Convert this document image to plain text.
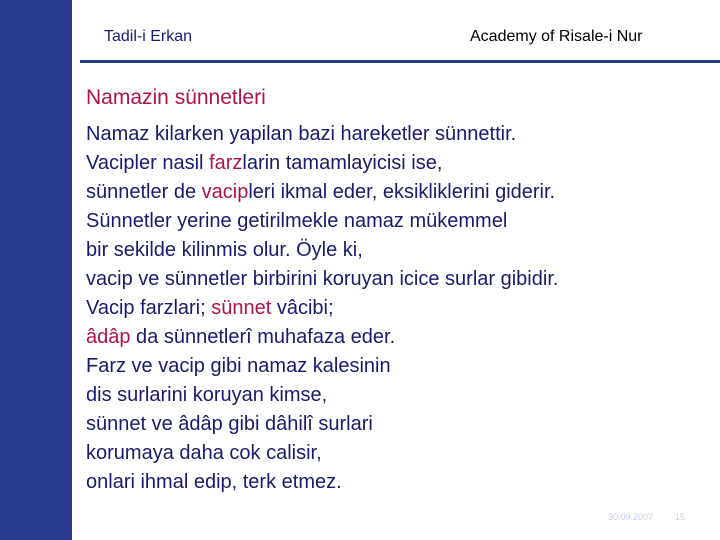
Tadil-i Erkan	Academy of Risale-i Nur
Namazin sünnetleri
Namaz kilarken yapilan bazi hareketler sünnettir.
Vacipler nasil farzlarin tamamlayicisi ise,
sünnetler de vacipleri ikmal eder, eksikliklerini giderir.
Sünnetler yerine getirilmekle namaz mükemmel
bir sekilde kilinmis olur. Öyle ki,
vacip ve sünnetler birbirini koruyan icice surlar gibidir.
Vacip farzlari; sünnet vâcibi;
âdâp da sünnetlerî muhafaza eder.
Farz ve vacip gibi namaz kalesinin
dis surlarini koruyan kimse,
sünnet ve âdâp gibi dâhilî surlari
korumaya daha cok calisir,
onlari ihmal edip, terk etmez.
30.09.2007 15
